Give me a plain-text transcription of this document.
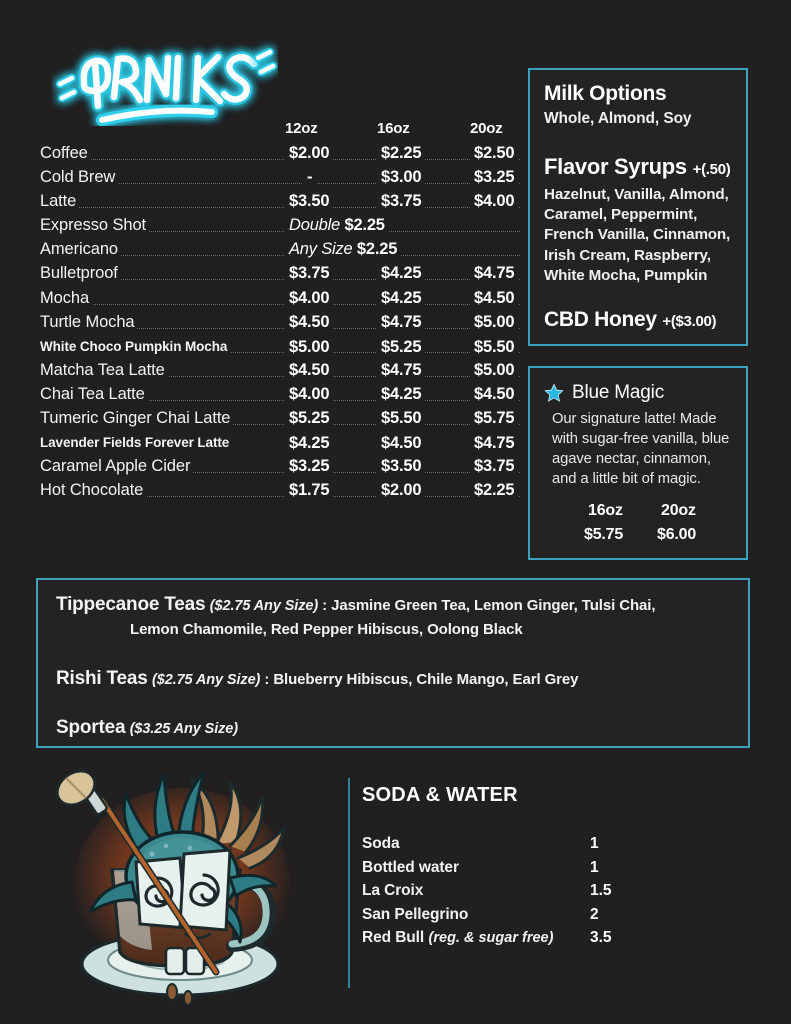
12oz	16oz	20oz
Coffee	$2.00	$2.25	$2.50
Cold Brew	-	$3.00	$3.25
Latte	$3.50	$3.75	$4.00
Expresso Shot	Double $2.25
Americano	Any Size $2.25
Bulletproof	$3.75	$4.25	$4.75
Mocha	$4.00	$4.25	$4.50
Turtle Mocha	$4.50	$4.75	$5.00
White Choco Pumpkin Mocha	$5.00	$5.25	$5.50
Matcha Tea Latte	$4.50	$4.75	$5.00
Chai Tea Latte	$4.00	$4.25	$4.50
Tumeric Ginger Chai Latte	$5.25	$5.50	$5.75
Lavender Fields Forever Latte	$4.25	$4.50	$4.75
Caramel Apple Cider	$3.25	$3.50	$3.75
Hot Chocolate	$1.75	$2.00	$2.25

Milk Options

Whole, Almond, Soy

Flavor Syrups +(.50)

Hazelnut, Vanilla, Almond, Caramel, Peppermint, French Vanilla, Cinnamon, Irish Cream, Raspberry, White Mocha, Pumpkin

CBD Honey +($3.00)

Blue Magic

Our signature latte! Made with sugar-free vanilla, blue agave nectar, cinnamon, and a little bit of magic.

16oz 20oz
$5.75 $6.00

Tippecanoe Teas ($2.75 Any Size) : Jasmine Green Tea, Lemon Ginger, Tulsi Chai,

Lemon Chamomile, Red Pepper Hibiscus, Oolong Black

Rishi Teas ($2.75 Any Size) : Blueberry Hibiscus, Chile Mango, Earl Grey

Sportea ($3.25 Any Size)

SODA & WATER

Soda	1
Bottled water	1
La Croix	1.5
San Pellegrino	2
Red Bull (reg. & sugar free) 3.5
